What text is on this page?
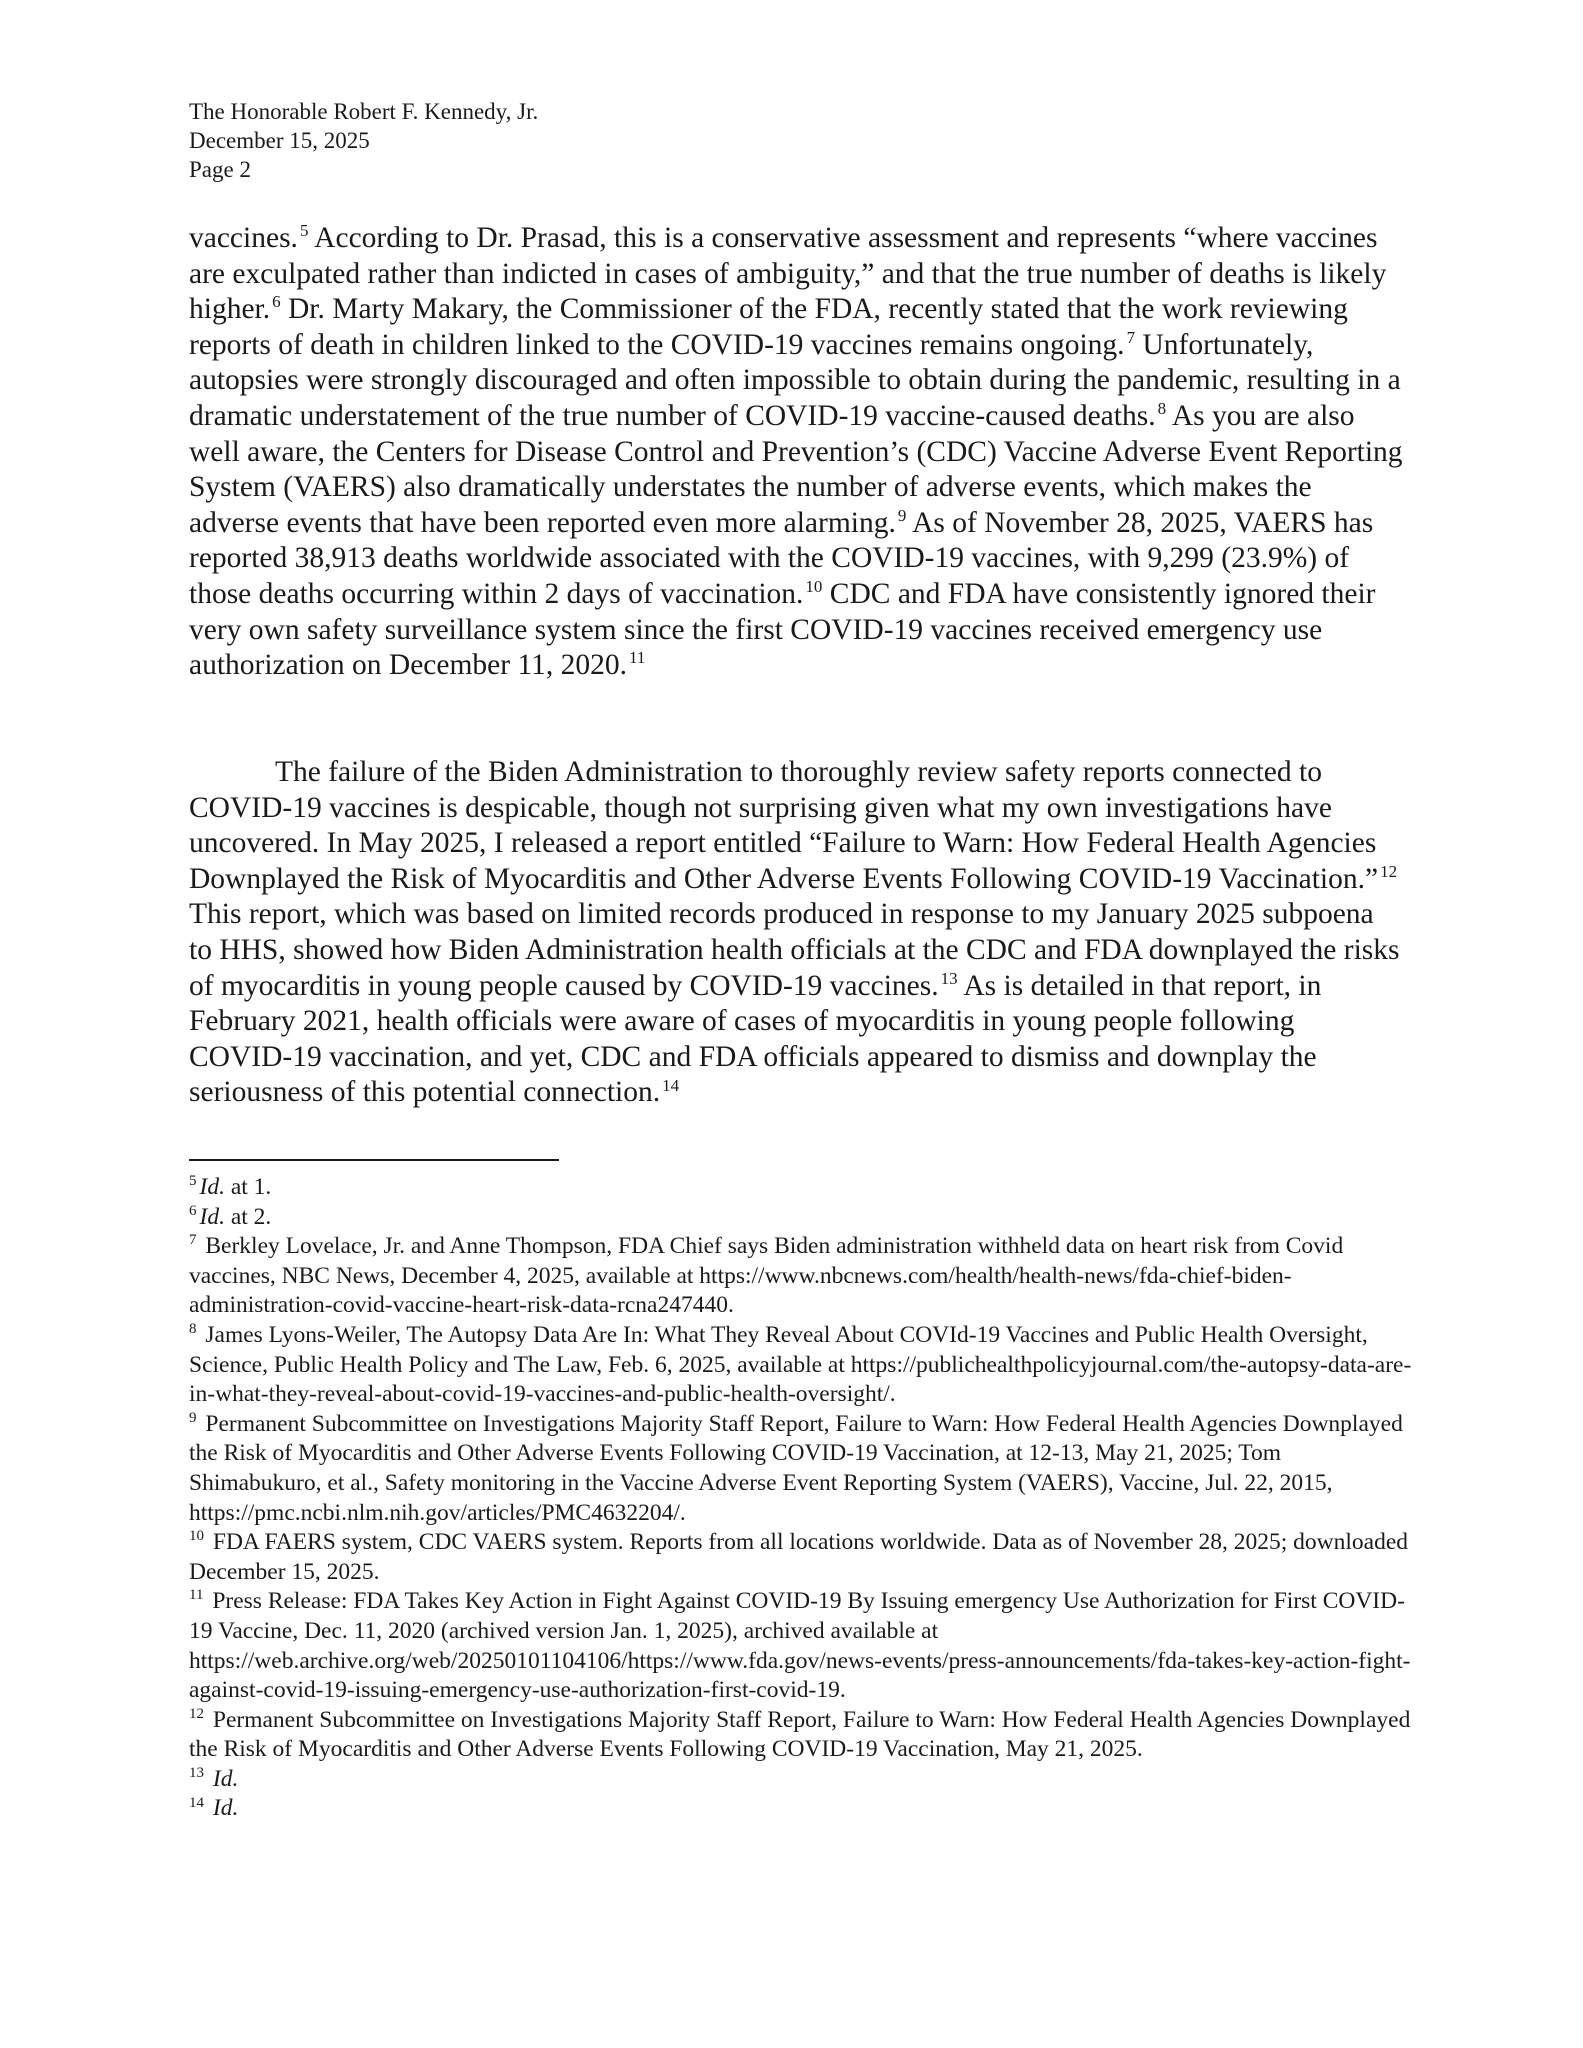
The Honorable Robert F. Kennedy, Jr.
December 15, 2025
Page 2

vaccines. $^5$ According to Dr. Prasad, this is a conservative assessment and represents “where vaccines are exculpated rather than indicted in cases of ambiguity,” and that the true number of deaths is likely higher. $^6$ Dr. Marty Makary, the Commissioner of the FDA, recently stated that the work reviewing reports of death in children linked to the COVID-19 vaccines remains ongoing. $^7$ Unfortunately, autopsies were strongly discouraged and often impossible to obtain during the pandemic, resulting in a dramatic understatement of the true number of COVID-19 vaccine-caused deaths. $^8$ As you are also well aware, the Centers for Disease Control and Prevention’s (CDC) Vaccine Adverse Event Reporting System (VAERS) also dramatically understates the number of adverse events, which makes the adverse events that have been reported even more alarming. $^9$ As of November 28, 2025, VAERS has reported 38,913 deaths worldwide associated with the COVID-19 vaccines, with 9,299 (23.9%) of those deaths occurring within 2 days of vaccination. $^{10}$ CDC and FDA have consistently ignored their very own safety surveillance system since the first COVID-19 vaccines received emergency use authorization on December 11, 2020. $^{11}$

The failure of the Biden Administration to thoroughly review safety reports connected to COVID-19 vaccines is despicable, though not surprising given what my own investigations have uncovered. In May 2025, I released a report entitled “Failure to Warn: How Federal Health Agencies Downplayed the Risk of Myocarditis and Other Adverse Events Following COVID-19 Vaccination.” $^{12}$ This report, which was based on limited records produced in response to my January 2025 subpoena to HHS, showed how Biden Administration health officials at the CDC and FDA downplayed the risks of myocarditis in young people caused by COVID-19 vaccines. $^{13}$ As is detailed in that report, in February 2021, health officials were aware of cases of myocarditis in young people following COVID-19 vaccination, and yet, CDC and FDA officials appeared to dismiss and downplay the seriousness of this potential connection. $^{14}$

$^5$ Id. at 1.
$^6$ Id. at 2.
$^7$ Berkley Lovelace, Jr. and Anne Thompson, FDA Chief says Biden administration withheld data on heart risk from Covid vaccines, NBC News, December 4, 2025, available at https://www.nbcnews.com/health/health-news/fda-chief-biden-administration-covid-vaccine-heart-risk-data-rcna247440.
$^8$ James Lyons-Weiler, The Autopsy Data Are In: What They Reveal About COVId-19 Vaccines and Public Health Oversight, Science, Public Health Policy and The Law, Feb. 6, 2025, available at https://publichealthpolicyjournal.com/the-autopsy-data-are-in-what-they-reveal-about-covid-19-vaccines-and-public-health-oversight/.
$^9$ Permanent Subcommittee on Investigations Majority Staff Report, Failure to Warn: How Federal Health Agencies Downplayed the Risk of Myocarditis and Other Adverse Events Following COVID-19 Vaccination, at 12-13, May 21, 2025; Tom Shimabukuro, et al., Safety monitoring in the Vaccine Adverse Event Reporting System (VAERS), Vaccine, Jul. 22, 2015, https://pmc.ncbi.nlm.nih.gov/articles/PMC4632204/.
$^{10}$ FDA FAERS system, CDC VAERS system. Reports from all locations worldwide. Data as of November 28, 2025; downloaded December 15, 2025.
$^{11}$ Press Release: FDA Takes Key Action in Fight Against COVID-19 By Issuing emergency Use Authorization for First COVID-19 Vaccine, Dec. 11, 2020 (archived version Jan. 1, 2025), archived available at https://web.archive.org/web/20250101104106/https://www.fda.gov/news-events/press-announcements/fda-takes-key-action-fight-against-covid-19-issuing-emergency-use-authorization-first-covid-19.
$^{12}$ Permanent Subcommittee on Investigations Majority Staff Report, Failure to Warn: How Federal Health Agencies Downplayed the Risk of Myocarditis and Other Adverse Events Following COVID-19 Vaccination, May 21, 2025.
$^{13}$ Id.
$^{14}$ Id.
